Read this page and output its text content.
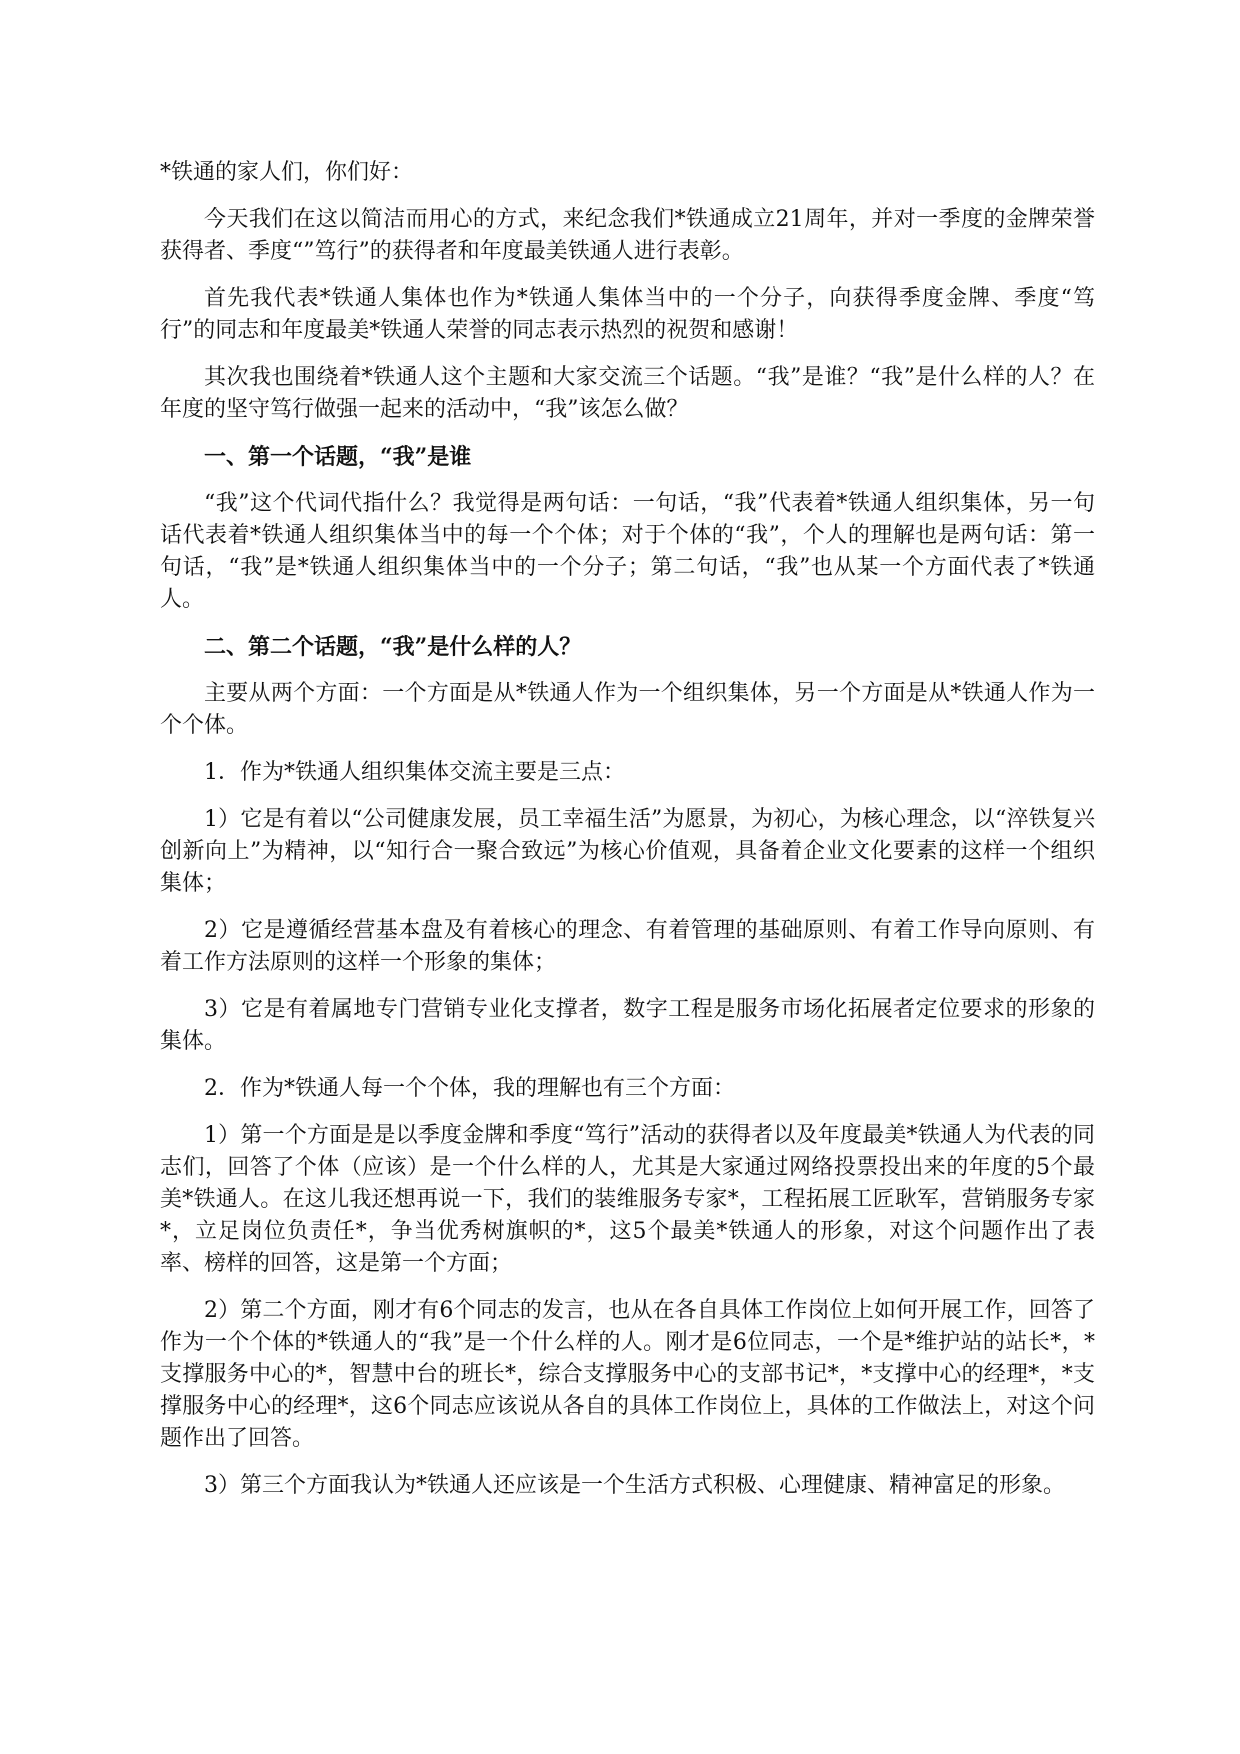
*铁通的家人们，你们好：

今天我们在这以简洁而用心的方式，来纪念我们*铁通成立21周年，并对一季度的金牌荣誉获得者、季度“”笃行”的获得者和年度最美铁通人进行表彰。

首先我代表*铁通人集体也作为*铁通人集体当中的一个分子，向获得季度金牌、季度“笃行”的同志和年度最美*铁通人荣誉的同志表示热烈的祝贺和感谢！

其次我也围绕着*铁通人这个主题和大家交流三个话题。“我”是谁？“我”是什么样的人？在年度的坚守笃行做强一起来的活动中，“我”该怎么做？

一、第一个话题，“我”是谁

“我”这个代词代指什么？我觉得是两句话：一句话，“我”代表着*铁通人组织集体，另一句话代表着*铁通人组织集体当中的每一个个体；对于个体的“我”，个人的理解也是两句话：第一句话，“我”是*铁通人组织集体当中的一个分子；第二句话，“我”也从某一个方面代表了*铁通人。

二、第二个话题，“我”是什么样的人？

主要从两个方面：一个方面是从*铁通人作为一个组织集体，另一个方面是从*铁通人作为一个个体。

1．作为*铁通人组织集体交流主要是三点：

1）它是有着以“公司健康发展，员工幸福生活”为愿景，为初心，为核心理念，以“淬铁复兴创新向上”为精神，以“知行合一聚合致远”为核心价值观，具备着企业文化要素的这样一个组织集体；

2）它是遵循经营基本盘及有着核心的理念、有着管理的基础原则、有着工作导向原则、有着工作方法原则的这样一个形象的集体；

3）它是有着属地专门营销专业化支撑者，数字工程是服务市场化拓展者定位要求的形象的集体。

2．作为*铁通人每一个个体，我的理解也有三个方面：

1）第一个方面是是以季度金牌和季度“笃行”活动的获得者以及年度最美*铁通人为代表的同志们，回答了个体（应该）是一个什么样的人，尤其是大家通过网络投票投出来的年度的5个最美*铁通人。在这儿我还想再说一下，我们的装维服务专家*，工程拓展工匠耿军，营销服务专家*，立足岗位负责任*，争当优秀树旗帜的*，这5个最美*铁通人的形象，对这个问题作出了表率、榜样的回答，这是第一个方面；

2）第二个方面，刚才有6个同志的发言，也从在各自具体工作岗位上如何开展工作，回答了作为一个个体的*铁通人的“我”是一个什么样的人。刚才是6位同志，一个是*维护站的站长*，*支撑服务中心的*，智慧中台的班长*，综合支撑服务中心的支部书记*，*支撑中心的经理*，*支撑服务中心的经理*，这6个同志应该说从各自的具体工作岗位上，具体的工作做法上，对这个问题作出了回答。

3）第三个方面我认为*铁通人还应该是一个生活方式积极、心理健康、精神富足的形象。
